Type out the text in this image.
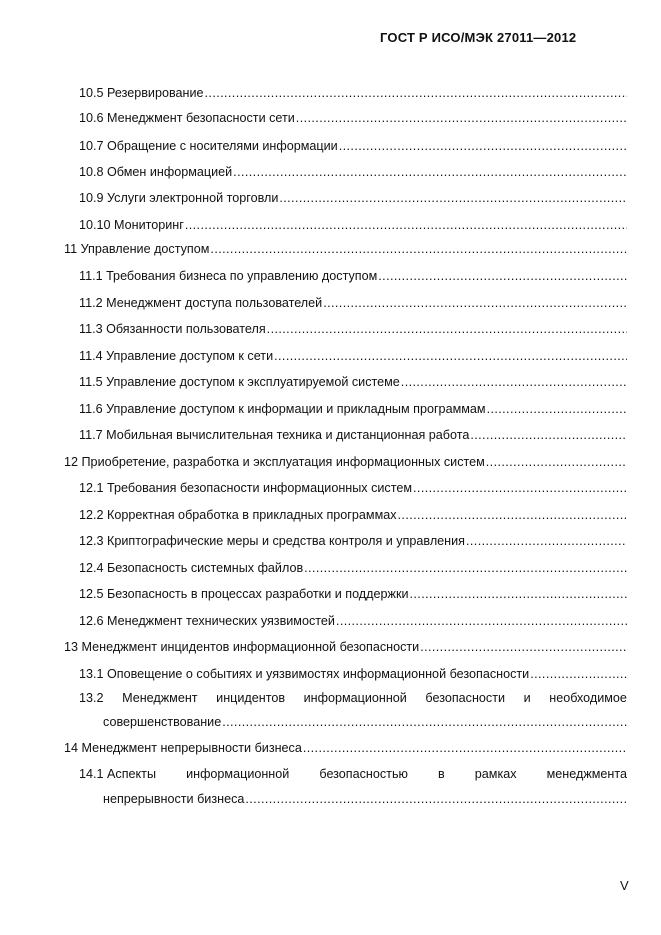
ГОСТ Р ИСО/МЭК 27011—2012
10.5 Резервирование
.....
10.6 Менеджмент безопасности сети
.....
10.7 Обращение с носителями информации
.....
10.8 Обмен информацией
.....
10.9 Услуги электронной торговли
.....
10.10 Мониторинг
.....
11 Управление доступом
.....
11.1 Требования бизнеса по управлению доступом
.....
11.2 Менеджмент доступа пользователей
.....
11.3 Обязанности пользователя
.....
11.4 Управление доступом к сети
.....
11.5 Управление доступом к эксплуатируемой системе
.....
11.6 Управление доступом к информации и прикладным программам
.....
11.7 Мобильная вычислительная техника и дистанционная работа
.....
12 Приобретение, разработка и эксплуатация информационных систем
.....
12.1 Требования безопасности информационных систем
.....
12.2 Корректная обработка в прикладных программах
.....
12.3 Криптографические меры и средства контроля и управления
.....
12.4 Безопасность системных файлов
.....
12.5 Безопасность в процессах разработки и поддержки
.....
12.6 Менеджмент технических уязвимостей
.....
13 Менеджмент инцидентов информационной безопасности
.....
13.1 Оповещение о событиях и уязвимостях информационной безопасности
.....
13.2 Менеджмент инцидентов информационной безопасности и необходимое
совершенствование
.....
14 Менеджмент непрерывности бизнеса
.....
14.1 Аспекты информационной безопасностью в рамках менеджмента
непрерывности бизнеса
.....
V
